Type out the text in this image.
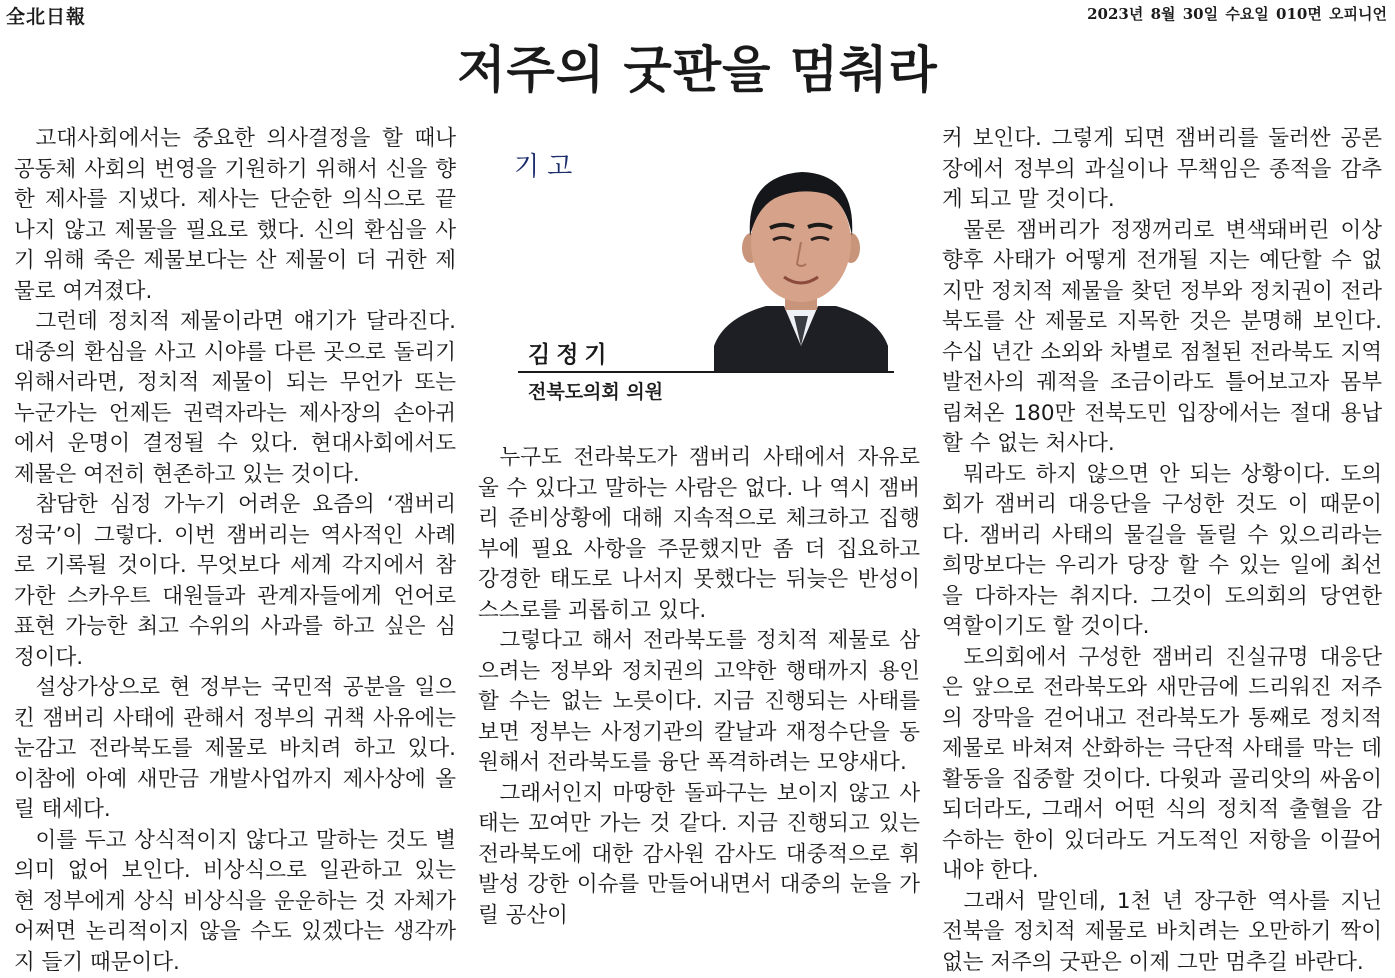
全北日報	2023년 8월 30일 수요일 010면 오피니언
저주의 굿판을 멈춰라

고대사회에서는 중요한 의사결정을 할 때나 공동체 사회의 번영을 기원하기 위해서 신을 향한 제사를 지냈다. 제사는 단순한 의식으로 끝나지 않고 제물을 필요로 했다. 신의 환심을 사기 위해 죽은 제물보다는 산 제물이 더 귀한 제물로 여겨졌다.

그런데 정치적 제물이라면 얘기가 달라진다. 대중의 환심을 사고 시야를 다른 곳으로 돌리기 위해서라면, 정치적 제물이 되는 무언가 또는 누군가는 언제든 권력자라는 제사장의 손아귀에서 운명이 결정될 수 있다. 현대사회에서도 제물은 여전히 현존하고 있는 것이다.

참담한 심정 가누기 어려운 요즘의 ‘잼버리 정국’이 그렇다. 이번 잼버리는 역사적인 사례로 기록될 것이다. 무엇보다 세계 각지에서 참가한 스카우트 대원들과 관계자들에게 언어로 표현 가능한 최고 수위의 사과를 하고 싶은 심정이다.

설상가상으로 현 정부는 국민적 공분을 일으킨 잼버리 사태에 관해서 정부의 귀책 사유에는 눈감고 전라북도를 제물로 바치려 하고 있다. 이참에 아예 새만금 개발사업까지 제사상에 올릴 태세다.

이를 두고 상식적이지 않다고 말하는 것도 별 의미 없어 보인다. 비상식으로 일관하고 있는 현 정부에게 상식 비상식을 운운하는 것 자체가 어쩌면 논리적이지 않을 수도 있겠다는 생각까지 들기 때문이다.

기고
김정기
전북도의회 의원

누구도 전라북도가 잼버리 사태에서 자유로울 수 있다고 말하는 사람은 없다. 나 역시 잼버리 준비상황에 대해 지속적으로 체크하고 집행부에 필요 사항을 주문했지만 좀 더 집요하고 강경한 태도로 나서지 못했다는 뒤늦은 반성이 스스로를 괴롭히고 있다.

그렇다고 해서 전라북도를 정치적 제물로 삼으려는 정부와 정치권의 고약한 행태까지 용인할 수는 없는 노릇이다. 지금 진행되는 사태를 보면 정부는 사정기관의 칼날과 재정수단을 동원해서 전라북도를 융단 폭격하려는 모양새다.

그래서인지 마땅한 돌파구는 보이지 않고 사태는 꼬여만 가는 것 같다. 지금 진행되고 있는 전라북도에 대한 감사원 감사도 대중적으로 휘발성 강한 이슈를 만들어내면서 대중의 눈을 가릴 공산이

커 보인다. 그렇게 되면 잼버리를 둘러싼 공론장에서 정부의 과실이나 무책임은 종적을 감추게 되고 말 것이다.

물론 잼버리가 정쟁꺼리로 변색돼버린 이상 향후 사태가 어떻게 전개될 지는 예단할 수 없지만 정치적 제물을 찾던 정부와 정치권이 전라북도를 산 제물로 지목한 것은 분명해 보인다. 수십 년간 소외와 차별로 점철된 전라북도 지역발전사의 궤적을 조금이라도 틀어보고자 몸부림쳐온 180만 전북도민 입장에서는 절대 용납할 수 없는 처사다.

뭐라도 하지 않으면 안 되는 상황이다. 도의회가 잼버리 대응단을 구성한 것도 이 때문이다. 잼버리 사태의 물길을 돌릴 수 있으리라는 희망보다는 우리가 당장 할 수 있는 일에 최선을 다하자는 취지다. 그것이 도의회의 당연한 역할이기도 할 것이다.

도의회에서 구성한 잼버리 진실규명 대응단은 앞으로 전라북도와 새만금에 드리워진 저주의 장막을 걷어내고 전라북도가 통째로 정치적 제물로 바쳐져 산화하는 극단적 사태를 막는 데 활동을 집중할 것이다. 다윗과 골리앗의 싸움이 되더라도, 그래서 어떤 식의 정치적 출혈을 감수하는 한이 있더라도 거도적인 저항을 이끌어내야 한다.

그래서 말인데, 1천 년 장구한 역사를 지닌 전북을 정치적 제물로 바치려는 오만하기 짝이 없는 저주의 굿판은 이제 그만 멈추길 바란다.
